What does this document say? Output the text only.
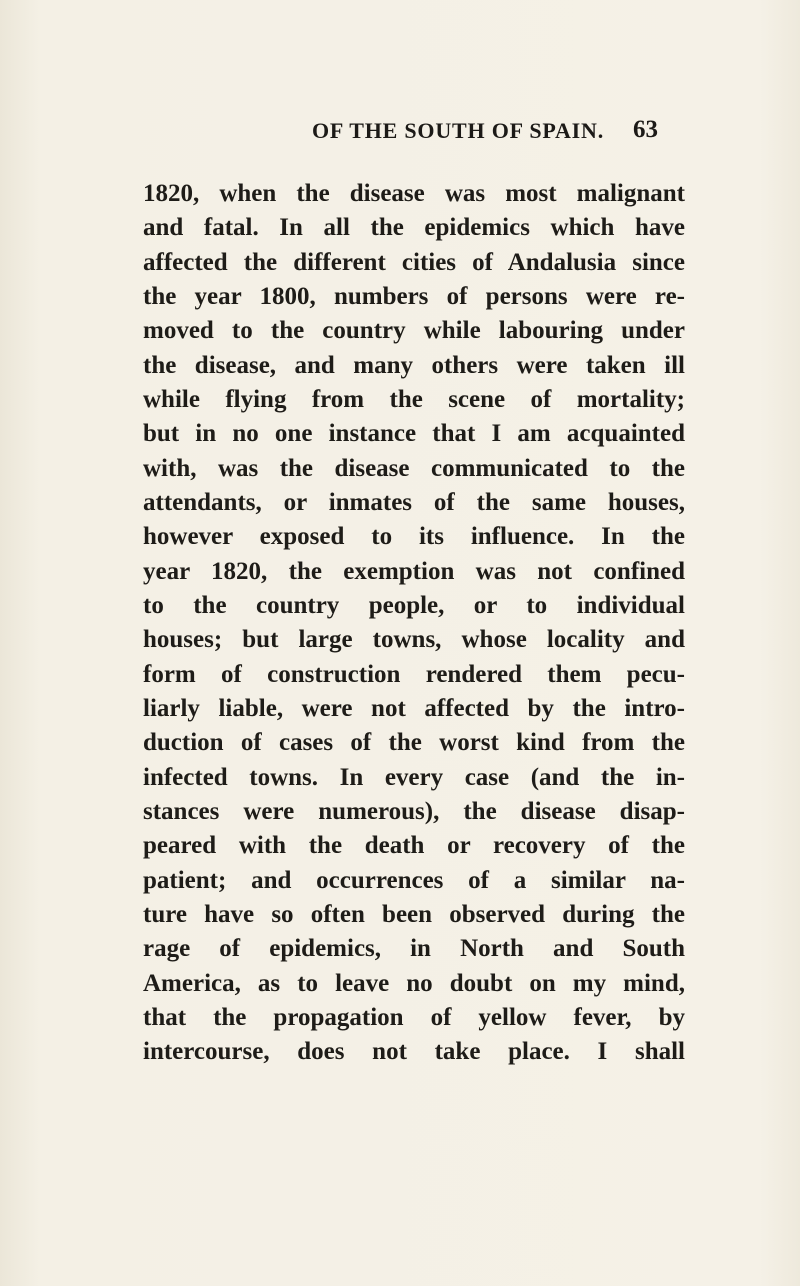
OF THE SOUTH OF SPAIN. 63
1820, when the disease was most malignant
and fatal. In all the epidemics which have
affected the different cities of Andalusia since
the year 1800, numbers of persons were re-
moved to the country while labouring under
the disease, and many others were taken ill
while flying from the scene of mortality;
but in no one instance that I am acquainted
with, was the disease communicated to the
attendants, or inmates of the same houses,
however exposed to its influence. In the
year 1820, the exemption was not confined
to the country people, or to individual
houses; but large towns, whose locality and
form of construction rendered them pecu-
liarly liable, were not affected by the intro-
duction of cases of the worst kind from the
infected towns. In every case (and the in-
stances were numerous), the disease disap-
peared with the death or recovery of the
patient; and occurrences of a similar na-
ture have so often been observed during the
rage of epidemics, in North and South
America, as to leave no doubt on my mind,
that the propagation of yellow fever, by
intercourse, does not take place. I shall
